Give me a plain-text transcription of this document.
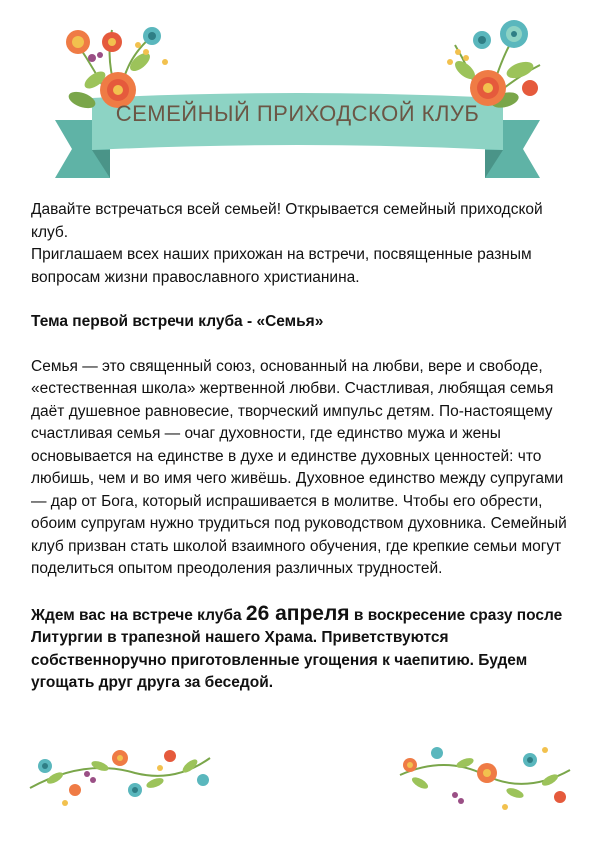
СЕМЕЙНЫЙ ПРИХОДСКОЙ КЛУБ

Давайте встречаться всей семьей! Открывается семейный приходской клуб.

Приглашаем всех наших прихожан на встречи, посвященные разным вопросам жизни православного христианина.

Тема первой встречи клуба - «Семья»

Семья — это священный союз, основанный на любви, вере и свободе, «естественная школа» жертвенной любви. Счастливая, любящая семья даёт душевное равновесие, творческий импульс детям. По-настоящему счастливая семья — очаг духовности, где единство мужа и жены основывается на единстве в духе и единстве духовных ценностей: что любишь, чем и во имя чего живёшь. Духовное единство между супругами — дар от Бога, который испрашивается в молитве. Чтобы его обрести, обоим супругам нужно трудиться под руководством духовника. Семейный клуб призван стать школой взаимного обучения, где крепкие семьи могут поделиться опытом преодоления различных трудностей.

Ждем вас на встрече клуба 26 апреля в воскресение сразу после Литургии в трапезной нашего Храма. Приветствуются собственноручно приготовленные угощения к чаепитию. Будем угощать друг друга за беседой.
